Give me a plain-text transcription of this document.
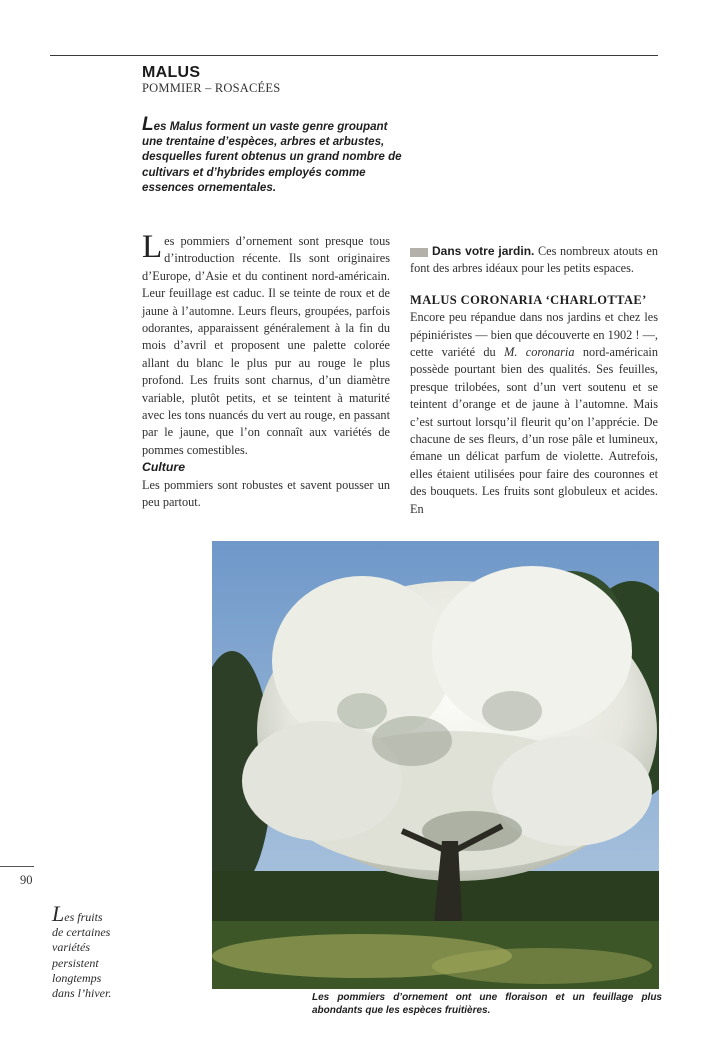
MALUS
POMMIER – ROSACÉES
Les Malus forment un vaste genre groupant une trentaine d’espèces, arbres et arbustes, desquelles furent obtenus un grand nombre de cultivars et d’hybrides employés comme essences ornementales.
Les pommiers d’ornement sont presque tous d’introduction récente. Ils sont originaires d’Europe, d’Asie et du continent nord-américain. Leur feuillage est caduc. Il se teinte de roux et de jaune à l’automne. Leurs fleurs, groupées, parfois odorantes, apparaissent généralement à la fin du mois d’avril et proposent une palette colorée allant du blanc le plus pur au rouge le plus profond. Les fruits sont charnus, d’un diamètre variable, plutôt petits, et se teintent à maturité avec les tons nuancés du vert au rouge, en passant par le jaune, que l’on connaît aux variétés de pommes comestibles.
Culture
Les pommiers sont robustes et savent pousser un peu partout.
Dans votre jardin. Ces nombreux atouts en font des arbres idéaux pour les petits espaces.
MALUS CORONARIA ‘CHARLOTTAE’
Encore peu répandue dans nos jardins et chez les pépiniéristes — bien que découverte en 1902 ! —, cette variété du M. coronaria nord-américain possède pourtant bien des qualités. Ses feuilles, presque trilobées, sont d’un vert soutenu et se teintent d’orange et de jaune à l’automne. Mais c’est surtout lorsqu’il fleurit qu’on l’apprécie. De chacune de ses fleurs, d’un rose pâle et lumineux, émane un délicat parfum de violette. Autrefois, elles étaient utilisées pour faire des couronnes et des bouquets. Les fruits sont globuleux et acides. En
Les pommiers d’ornement ont une floraison et un feuillage plus abondants que les espèces fruitières.
90
Les fruits de certaines variétés persistent longtemps dans l’hiver.
